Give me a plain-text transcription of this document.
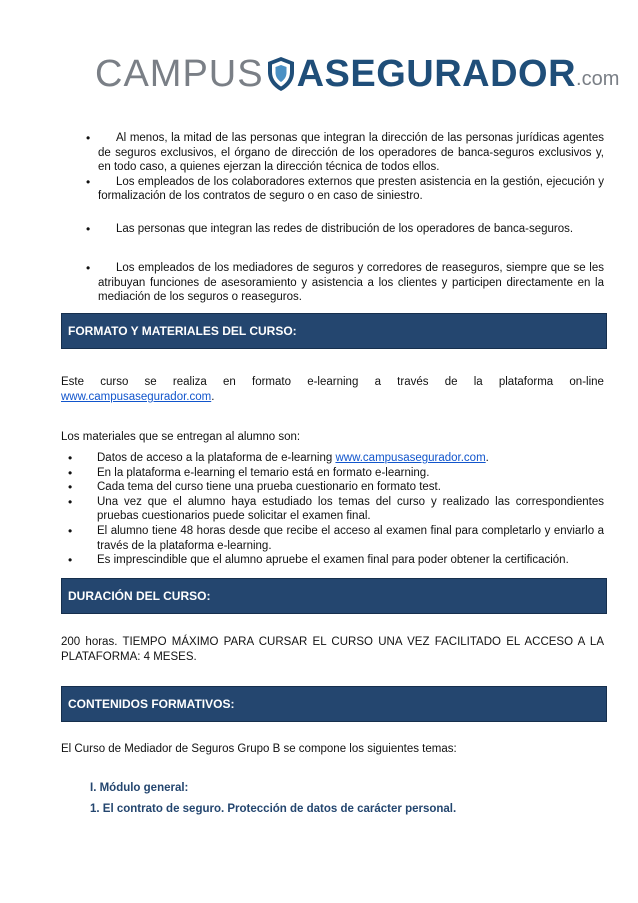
CAMPUS ASEGURADOR .com
• Al menos, la mitad de las personas que integran la dirección de las personas jurídicas agentes de seguros exclusivos, el órgano de dirección de los operadores de banca-seguros exclusivos y, en todo caso, a quienes ejerzan la dirección técnica de todos ellos.
• Los empleados de los colaboradores externos que presten asistencia en la gestión, ejecución y formalización de los contratos de seguro o en caso de siniestro.
• Las personas que integran las redes de distribución de los operadores de banca-seguros.
• Los empleados de los mediadores de seguros y corredores de reaseguros, siempre que se les atribuyan funciones de asesoramiento y asistencia a los clientes y participen directamente en la mediación de los seguros o reaseguros.
FORMATO Y MATERIALES DEL CURSO:
Este curso se realiza en formato e-learning a través de la plataforma on-line
www.campusasegurador.com.

Los materiales que se entregan al alumno son:

• Datos de acceso a la plataforma de e-learning www.campusasegurador.com.
• En la plataforma e-learning el temario está en formato e-learning.
• Cada tema del curso tiene una prueba cuestionario en formato test.
• Una vez que el alumno haya estudiado los temas del curso y realizado las correspondientes pruebas cuestionarios puede solicitar el examen final.
• El alumno tiene 48 horas desde que recibe el acceso al examen final para completarlo y enviarlo a través de la plataforma e-learning.
• Es imprescindible que el alumno apruebe el examen final para poder obtener la certificación.
DURACIÓN DEL CURSO:

200 horas. TIEMPO MÁXIMO PARA CURSAR EL CURSO UNA VEZ FACILITADO EL ACCESO A LA PLATAFORMA: 4 MESES.

CONTENIDOS FORMATIVOS:

El Curso de Mediador de Seguros Grupo B se compone los siguientes temas:

I. Módulo general:

1. El contrato de seguro. Protección de datos de carácter personal.
